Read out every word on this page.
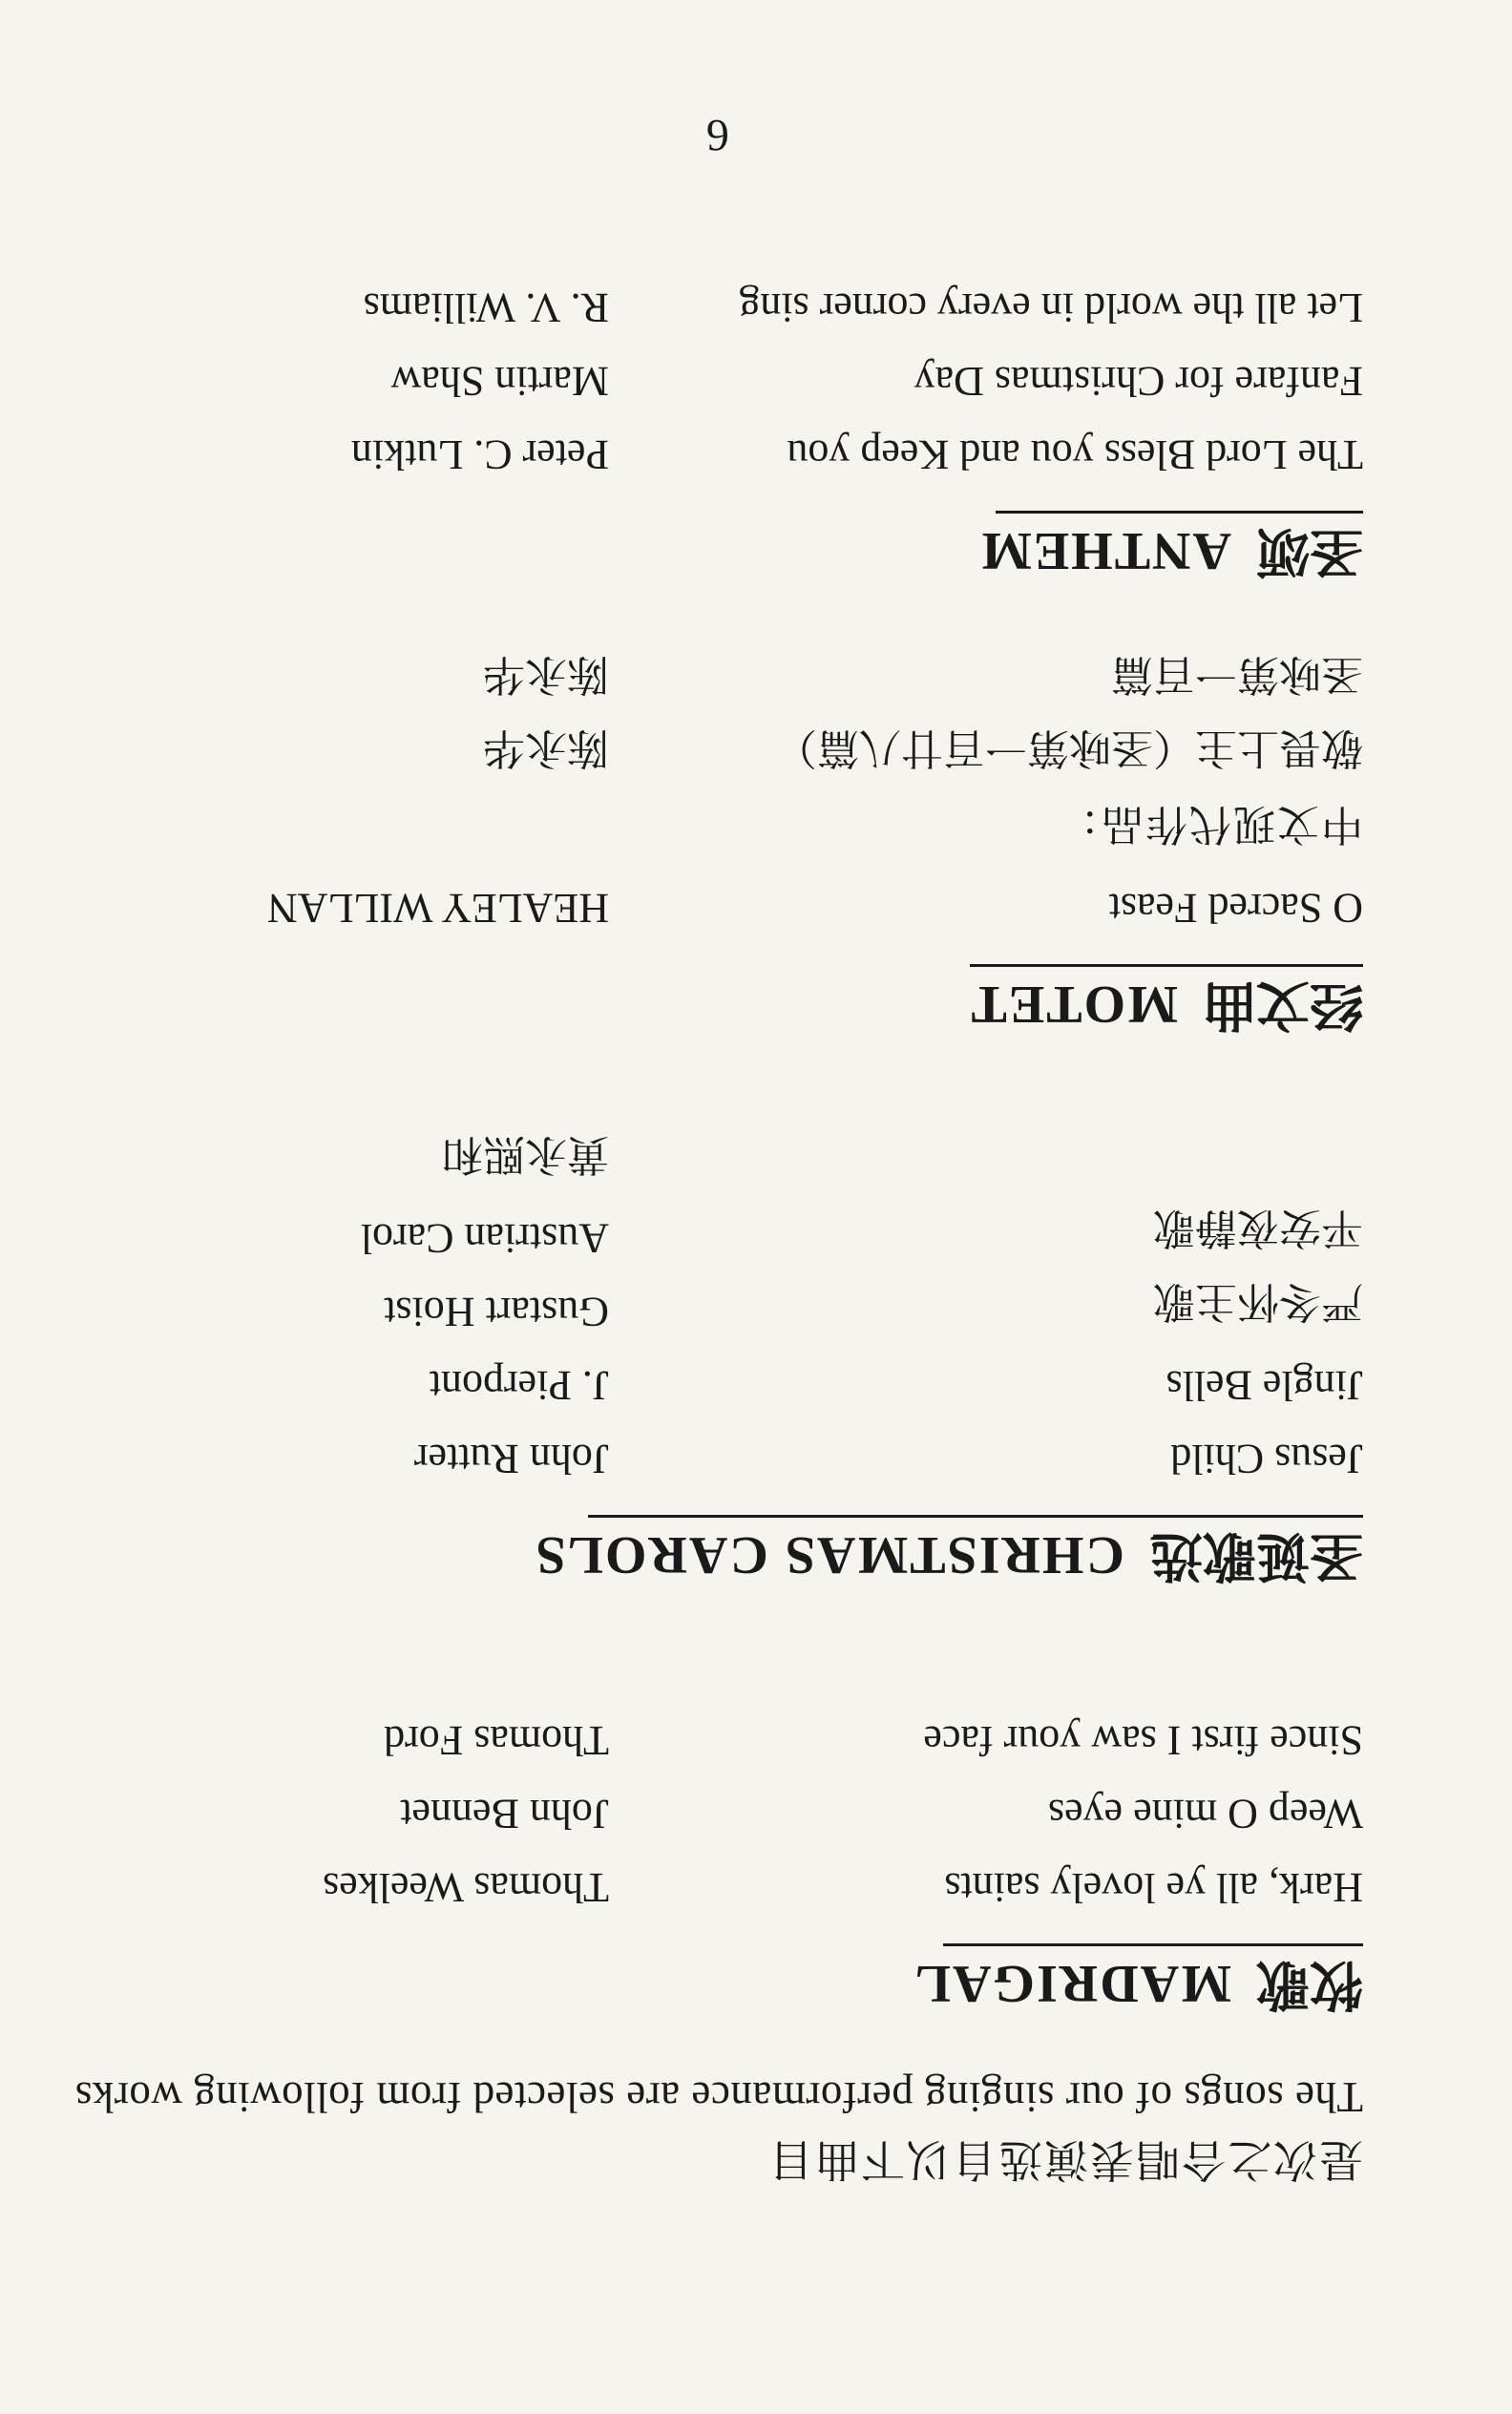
是次之合唱表演选自以下曲目
The songs of our singing performance are selected from following works
牧歌MADRIGAL
Hark, all ye lovely saints
Thomas Weelkes
Weep O mine eyes
John Bennet
Since first I saw your face
Thomas Ford
圣诞歌选CHRISTMAS CAROLS
Jesus Child
John Rutter
Jingle Bells
J. Pierpont
严冬怀主歌
Gustart Hoist
平安夜静歌
Austrian Carol
黄永熙和
经文曲MOTET
O Sacred Feast
HEALEY WILLAN
中文现代作品：
敬畏上主（圣咏第一百廿八篇）
陈永华
圣咏第一百篇
陈永华
圣颂ANTHEM
The Lord Bless you and Keep you
Peter C. Lutkin
Fanfare for Christmas Day
Martin Shaw
Let all the world in every corner sing
R. V. Williams
6
